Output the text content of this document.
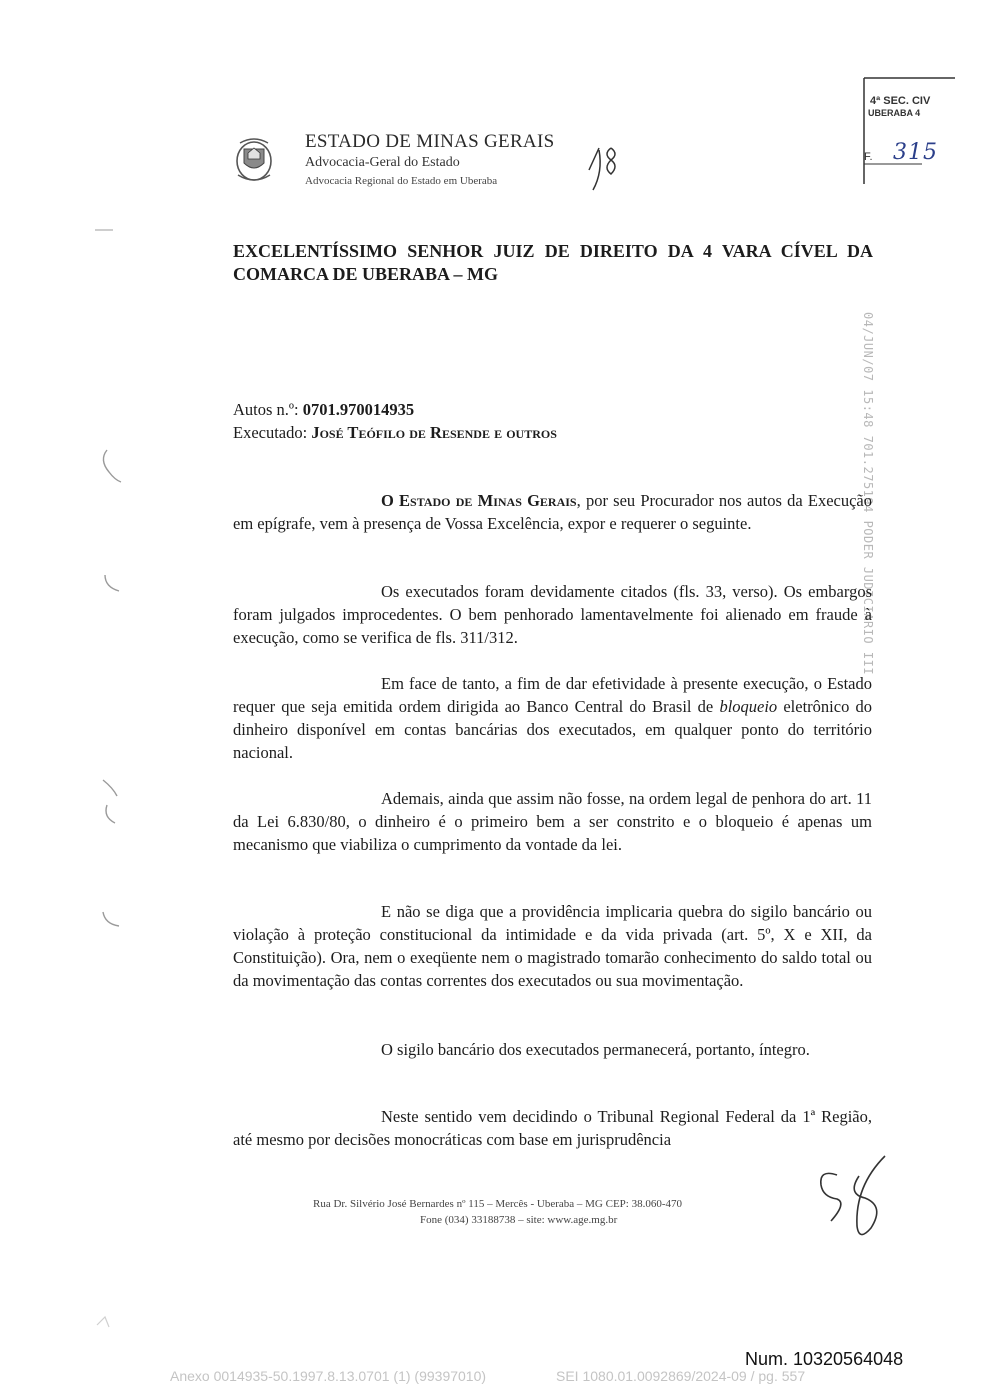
ESTADO DE MINAS GERAIS
Advocacia-Geral do Estado
Advocacia Regional do Estado em Uberaba
4ª SEC. CIV
UBERABA 4
F. 315
04/JUN/07 15:48 701.275194 PODER JUDICIARIO III
EXCELENTÍSSIMO SENHOR JUIZ DE DIREITO DA 4 VARA CÍVEL DA COMARCA DE UBERABA – MG
Autos n.º: 0701.970014935
Executado: José Teófilo de Resende e outros
O Estado de Minas Gerais, por seu Procurador nos autos da Execução em epígrafe, vem à presença de Vossa Excelência, expor e requerer o seguinte.
Os executados foram devidamente citados (fls. 33, verso). Os embargos foram julgados improcedentes. O bem penhorado lamentavelmente foi alienado em fraude à execução, como se verifica de fls. 311/312.
Em face de tanto, a fim de dar efetividade à presente execução, o Estado requer que seja emitida ordem dirigida ao Banco Central do Brasil de bloqueio eletrônico do dinheiro disponível em contas bancárias dos executados, em qualquer ponto do território nacional.
Ademais, ainda que assim não fosse, na ordem legal de penhora do art. 11 da Lei 6.830/80, o dinheiro é o primeiro bem a ser constrito e o bloqueio é apenas um mecanismo que viabiliza o cumprimento da vontade da lei.
E não se diga que a providência implicaria quebra do sigilo bancário ou violação à proteção constitucional da intimidade e da vida privada (art. 5º, X e XII, da Constituição). Ora, nem o exeqüente nem o magistrado tomarão conhecimento do saldo total ou da movimentação das contas correntes dos executados ou sua movimentação.
O sigilo bancário dos executados permanecerá, portanto, íntegro.
Neste sentido vem decidindo o Tribunal Regional Federal da 1ª Região, até mesmo por decisões monocráticas com base em jurisprudência
Rua Dr. Silvério José Bernardes nº 115 – Mercês - Uberaba – MG CEP: 38.060-470
Fone (034) 33188738 – site: www.age.mg.br
Num. 10320564048
Anexo 0014935-50.1997.8.13.0701 (1) (99397010)	SEI 1080.01.0092869/2024-09 / pg. 557
